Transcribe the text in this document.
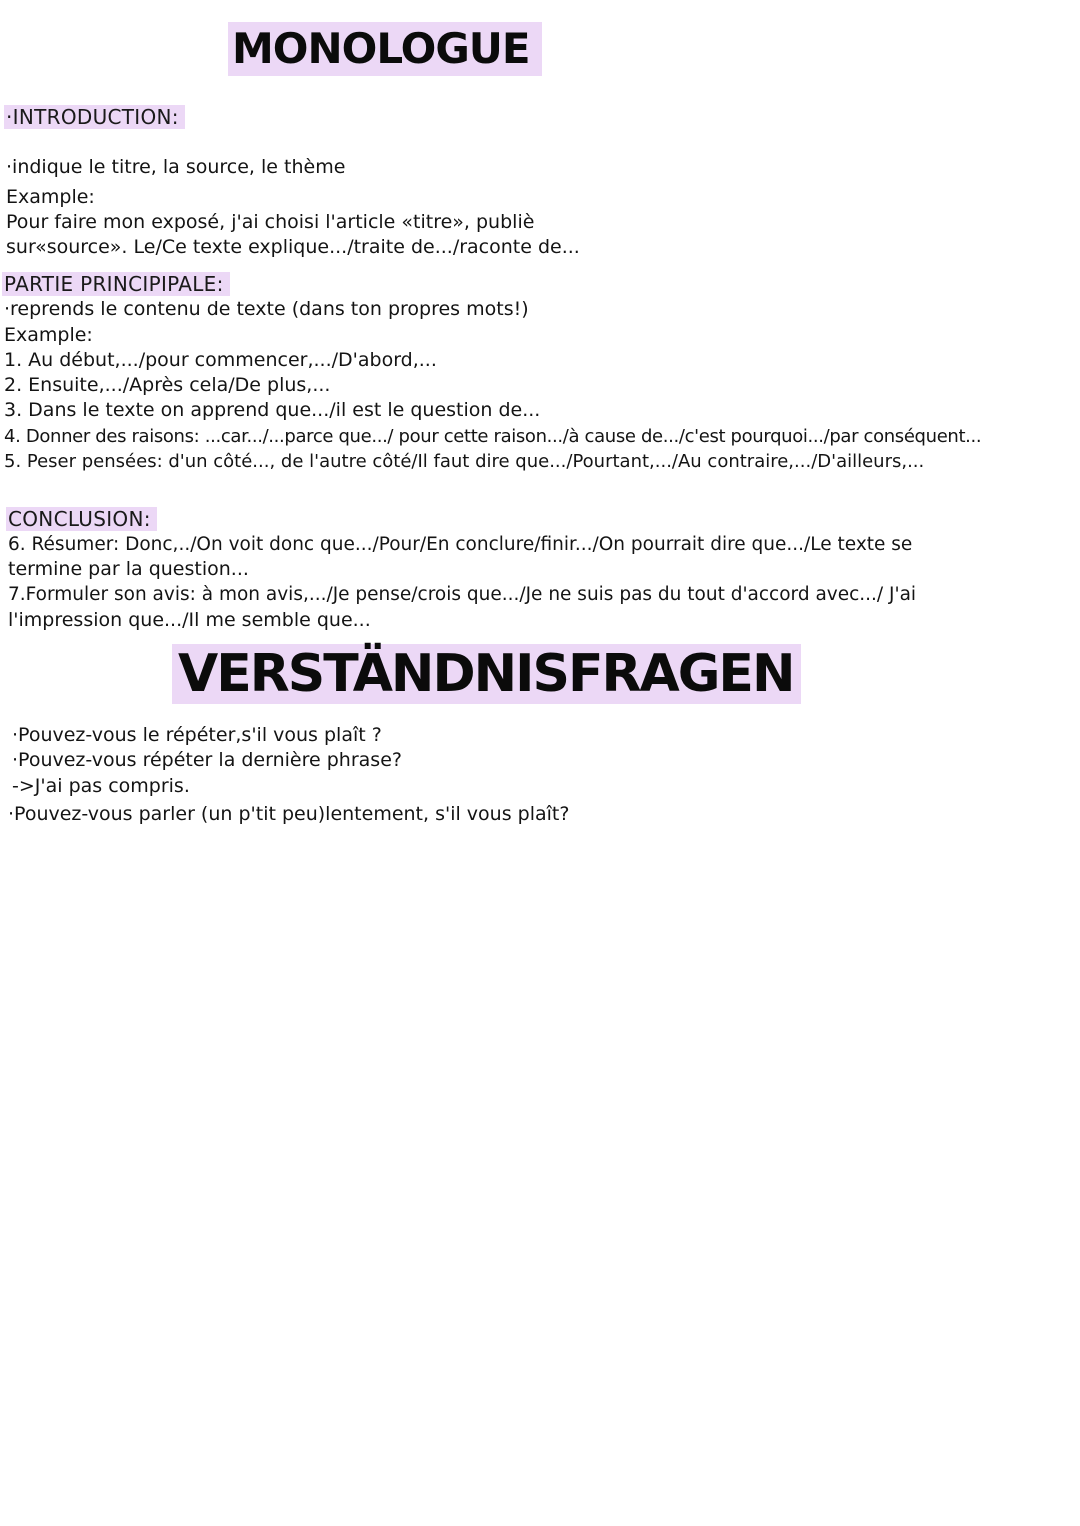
MONOLOGUE
·INTRODUCTION:
·indique le titre, la source, le thème
Example:
Pour faire mon exposé, j'ai choisi l'article «titre», publiè
sur«source». Le/Ce texte explique.../traite de.../raconte de...
PARTIE PRINCIPIPALE:
·reprends le contenu de texte (dans ton propres mots!)
Example:
1. Au début,.../pour commencer,.../D'abord,...
2. Ensuite,.../Après cela/De plus,...
3. Dans le texte on apprend que.../il est le question de...
4. Donner des raisons: ...car.../...parce que.../ pour cette raison.../à cause de.../c'est pourquoi.../par conséquent...
5. Peser pensées: d'un côté..., de l'autre côté/Il faut dire que.../Pourtant,.../Au contraire,.../D'ailleurs,...
CONCLUSION:
6. Résumer: Donc,../On voit donc que.../Pour/En conclure/finir.../On pourrait dire que.../Le texte se
termine par la question...
7.Formuler son avis: à mon avis,.../Je pense/crois que.../Je ne suis pas du tout d'accord avec.../ J'ai
l'impression que.../Il me semble que...
VERSTÄNDNISFRAGEN
·Pouvez-vous le répéter,s'il vous plaît ?
·Pouvez-vous répéter la dernière phrase?
->J'ai pas compris.
·Pouvez-vous parler (un p'tit peu)lentement, s'il vous plaît?
